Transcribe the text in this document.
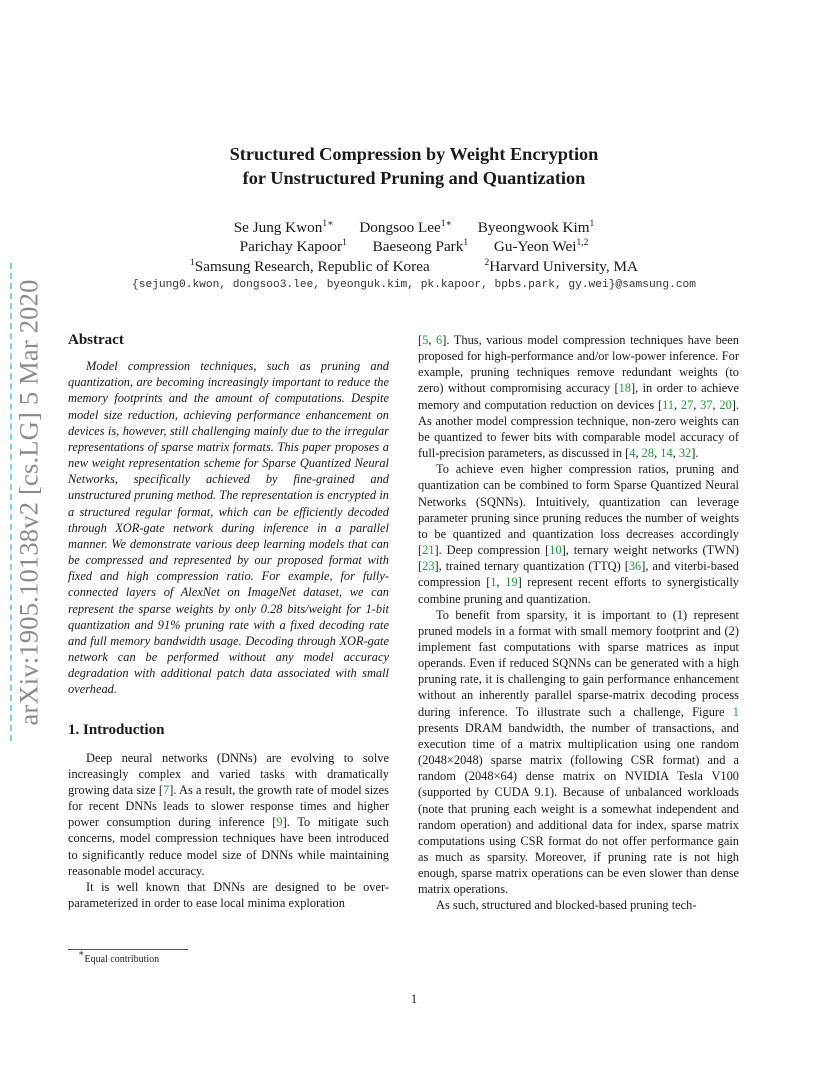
arXiv:1905.10138v2 [cs.LG] 5 Mar 2020
Structured Compression by Weight Encryption
for Unstructured Pruning and Quantization
Se Jung Kwon$^{1∗}$ Dongsoo Lee$^{1∗}$ Byeongwook Kim$^1$
Parichay Kapoor$^1$ Baeseong Park$^1$ Gu-Yeon Wei$^{1,2}$
$^1$Samsung Research, Republic of Korea	$^2$Harvard University, MA
{sejung0.kwon, dongsoo3.lee, byeonguk.kim, pk.kapoor, bpbs.park, gy.wei}@samsung.com

Abstract

Model compression techniques, such as pruning and quantization, are becoming increasingly important to reduce the memory footprints and the amount of computations. Despite model size reduction, achieving performance enhancement on devices is, however, still challenging mainly due to the irregular representations of sparse matrix formats. This paper proposes a new weight representation scheme for Sparse Quantized Neural Networks, specifically achieved by fine-grained and unstructured pruning method. The representation is encrypted in a structured regular format, which can be efficiently decoded through XOR-gate network during inference in a parallel manner. We demonstrate various deep learning models that can be compressed and represented by our proposed format with fixed and high compression ratio. For example, for fully-connected layers of AlexNet on ImageNet dataset, we can represent the sparse weights by only 0.28 bits/weight for 1-bit quantization and 91% pruning rate with a fixed decoding rate and full memory bandwidth usage. Decoding through XOR-gate network can be performed without any model accuracy degradation with additional patch data associated with small overhead.

1. Introduction

Deep neural networks (DNNs) are evolving to solve increasingly complex and varied tasks with dramatically growing data size [7]. As a result, the growth rate of model sizes for recent DNNs leads to slower response times and higher power consumption during inference [9]. To mitigate such concerns, model compression techniques have been introduced to significantly reduce model size of DNNs while maintaining reasonable model accuracy.

It is well known that DNNs are designed to be over-parameterized in order to ease local minima exploration

[5, 6]. Thus, various model compression techniques have been proposed for high-performance and/or low-power inference. For example, pruning techniques remove redundant weights (to zero) without compromising accuracy [18], in order to achieve memory and computation reduction on devices [11, 27, 37, 20]. As another model compression technique, non-zero weights can be quantized to fewer bits with comparable model accuracy of full-precision parameters, as discussed in [4, 28, 14, 32].

To achieve even higher compression ratios, pruning and quantization can be combined to form Sparse Quantized Neural Networks (SQNNs). Intuitively, quantization can leverage parameter pruning since pruning reduces the number of weights to be quantized and quantization loss decreases accordingly [21]. Deep compression [10], ternary weight networks (TWN) [23], trained ternary quantization (TTQ) [36], and viterbi-based compression [1, 19] represent recent efforts to synergistically combine pruning and quantization.

To benefit from sparsity, it is important to (1) represent pruned models in a format with small memory footprint and (2) implement fast computations with sparse matrices as input operands. Even if reduced SQNNs can be generated with a high pruning rate, it is challenging to gain performance enhancement without an inherently parallel sparse-matrix decoding process during inference. To illustrate such a challenge, Figure 1 presents DRAM bandwidth, the number of transactions, and execution time of a matrix multiplication using one random (2048×2048) sparse matrix (following CSR format) and a random (2048×64) dense matrix on NVIDIA Tesla V100 (supported by CUDA 9.1). Because of unbalanced workloads (note that pruning each weight is a somewhat independent and random operation) and additional data for index, sparse matrix computations using CSR format do not offer performance gain as much as sparsity. Moreover, if pruning rate is not high enough, sparse matrix operations can be even slower than dense matrix operations.

As such, structured and blocked-based pruning tech-

∗Equal contribution
1
